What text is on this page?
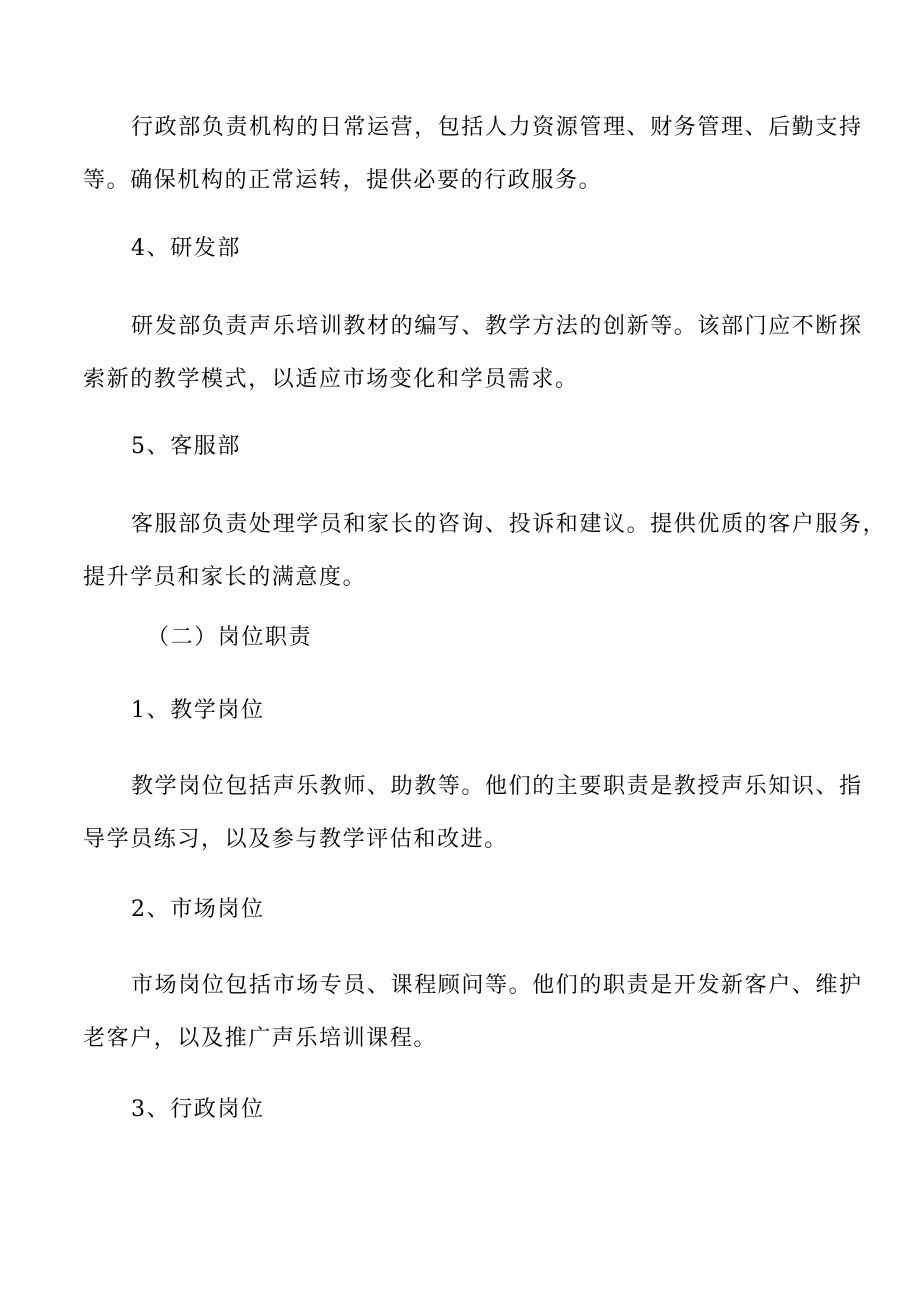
行政部负责机构的日常运营，包括人力资源管理、财务管理、后勤支持
等。确保机构的正常运转，提供必要的行政服务。
4、研发部
研发部负责声乐培训教材的编写、教学方法的创新等。该部门应不断探
索新的教学模式，以适应市场变化和学员需求。
5、客服部
客服部负责处理学员和家长的咨询、投诉和建议。提供优质的客户服务，
提升学员和家长的满意度。
（二）岗位职责
1、教学岗位
教学岗位包括声乐教师、助教等。他们的主要职责是教授声乐知识、指
导学员练习，以及参与教学评估和改进。
2、市场岗位
市场岗位包括市场专员、课程顾问等。他们的职责是开发新客户、维护
老客户，以及推广声乐培训课程。
3、行政岗位
